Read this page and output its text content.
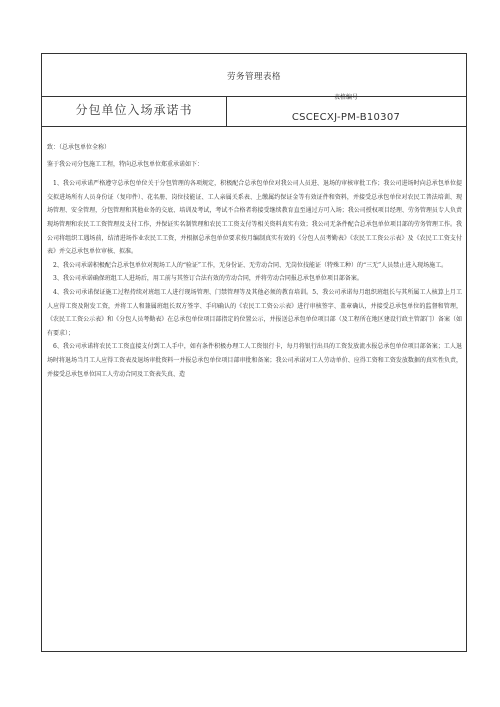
劳务管理表格
分包单位入场承诺书
表格编号
CSCECXJ-PM-B10307

致：（总承包单位全称）

鉴于我公司分包施工工程，特向总承包单位郑重承诺如下：

1、我公司承诺严格遵守总承包单位关于分包管理的各项规定，积极配合总承包单位对我公司人员进、退场的审核审批工作；我公司进场时向总承包单位提交拟进场所有人员身份证（复印件）、花名册、岗位技能证、工人亲属关系表、上缴属约保证金等有效证件和资料，并接受总承包单位对农民工普法培训、现场管理、安全管理，分包管理和其他业务的交底、培训及考试，考试不合格者将接受继续教育直至通过方可入场；我公司授权项目经理、劳务管理员专人负责现场管理和农民工工资管理及支付工作，并保证实名制管理和农民工工资支付等相关资料真实有效；我公司无条件配合总承包单位项目部的劳务管理工作。我公司将组织工遇场前，结清进场作业农民工工资，并根据总承包单位要求按月编制真实有效的《分包人员考勤表》《农民工工资公示表》及《农民工工资支付表》并交总承包单位审核、拟准。

2、我公司承诺积极配合总承包单位对现场工人的“验证”工作，无身份证、无劳动合同、无岗位技能证（特殊工种）的“三无”人员禁止进入现场施工。

3、我公司承诺确保班组工人进场后，用工前与其签订合法有效的劳动合同，并将劳动合同报总承包单位项目部备案。

4、我公司承诺保证施工过程持续对班组工人进行现场管理、门禁管理等及其他必须的教育培训。5、我公司承诺每月组织班组长与其所属工人核算上月工人应得工资及附发工资，并将工人和兼属班组长双方签字、手印确认的《农民工工资公示表》进行审核签字、盖章确认，并接受总承包单位的监督和管理，《农民工工资公示表》和《分包人员考勤表》在总承包单位项目部指定的位置公示，并报送总承包单位项目部（及工程所在地区建设行政主管部门）备案（如有要求）；

6、我公司承诺将农民工工资直接支付到工人手中，如有条件积极办理工人工资银行卡，每月将银行出具的工资发放流水报总承包单位项目部备案；工人退场时将退场当月工人应得工资表及退场审批资料一并报总承包单位项目部审批和备案；我公司承诺对工人劳动单价、应得工资和工资发放数据的真实性负责，并接受总承包单位国工人劳动合同及工资表失真、造
